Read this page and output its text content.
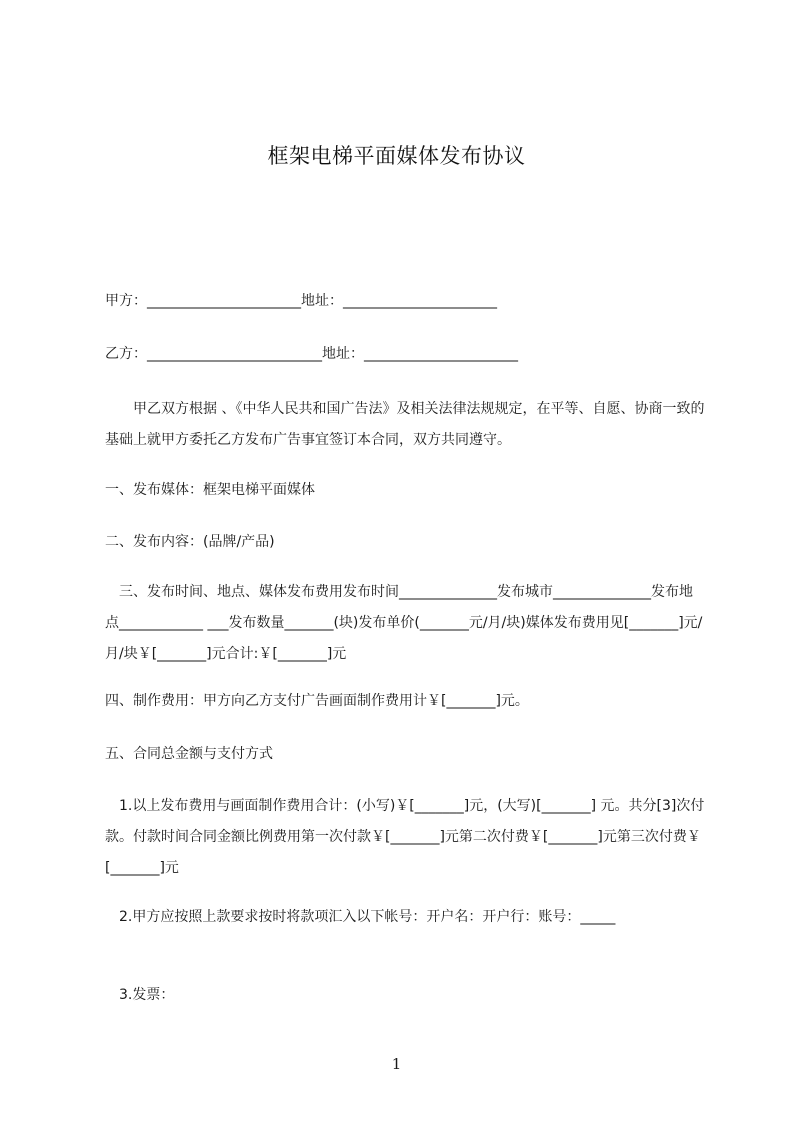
框架电梯平面媒体发布协议
甲方：______________________地址：______________________
乙方：_________________________地址：______________________
　　甲乙双方根据 、《中华人民共和国广告法》及相关法律法规规定，在平等、自愿、协商一致的基础上就甲方委托乙方发布广告事宜签订本合同，双方共同遵守。
一、发布媒体：框架电梯平面媒体
二、发布内容：(品牌/产品)
　三、发布时间、地点、媒体发布费用发布时间______________发布城市______________发布地点____________ ___发布数量_______(块)发布单价(_______元/月/块)媒体发布费用见[_______]元/月/块￥[_______]元合计:￥[_______]元
四、制作费用：甲方向乙方支付广告画面制作费用计￥[_______]元。
五、合同总金额与支付方式
　1.以上发布费用与画面制作费用合计：(小写)￥[_______]元，(大写)[_______] 元。共分[3]次付款。付款时间合同金额比例费用第一次付款￥[_______]元第二次付费￥[_______]元第三次付费￥[_______]元
　2.甲方应按照上款要求按时将款项汇入以下帐号：开户名：开户行：账号：_____
　3.发票：
1
